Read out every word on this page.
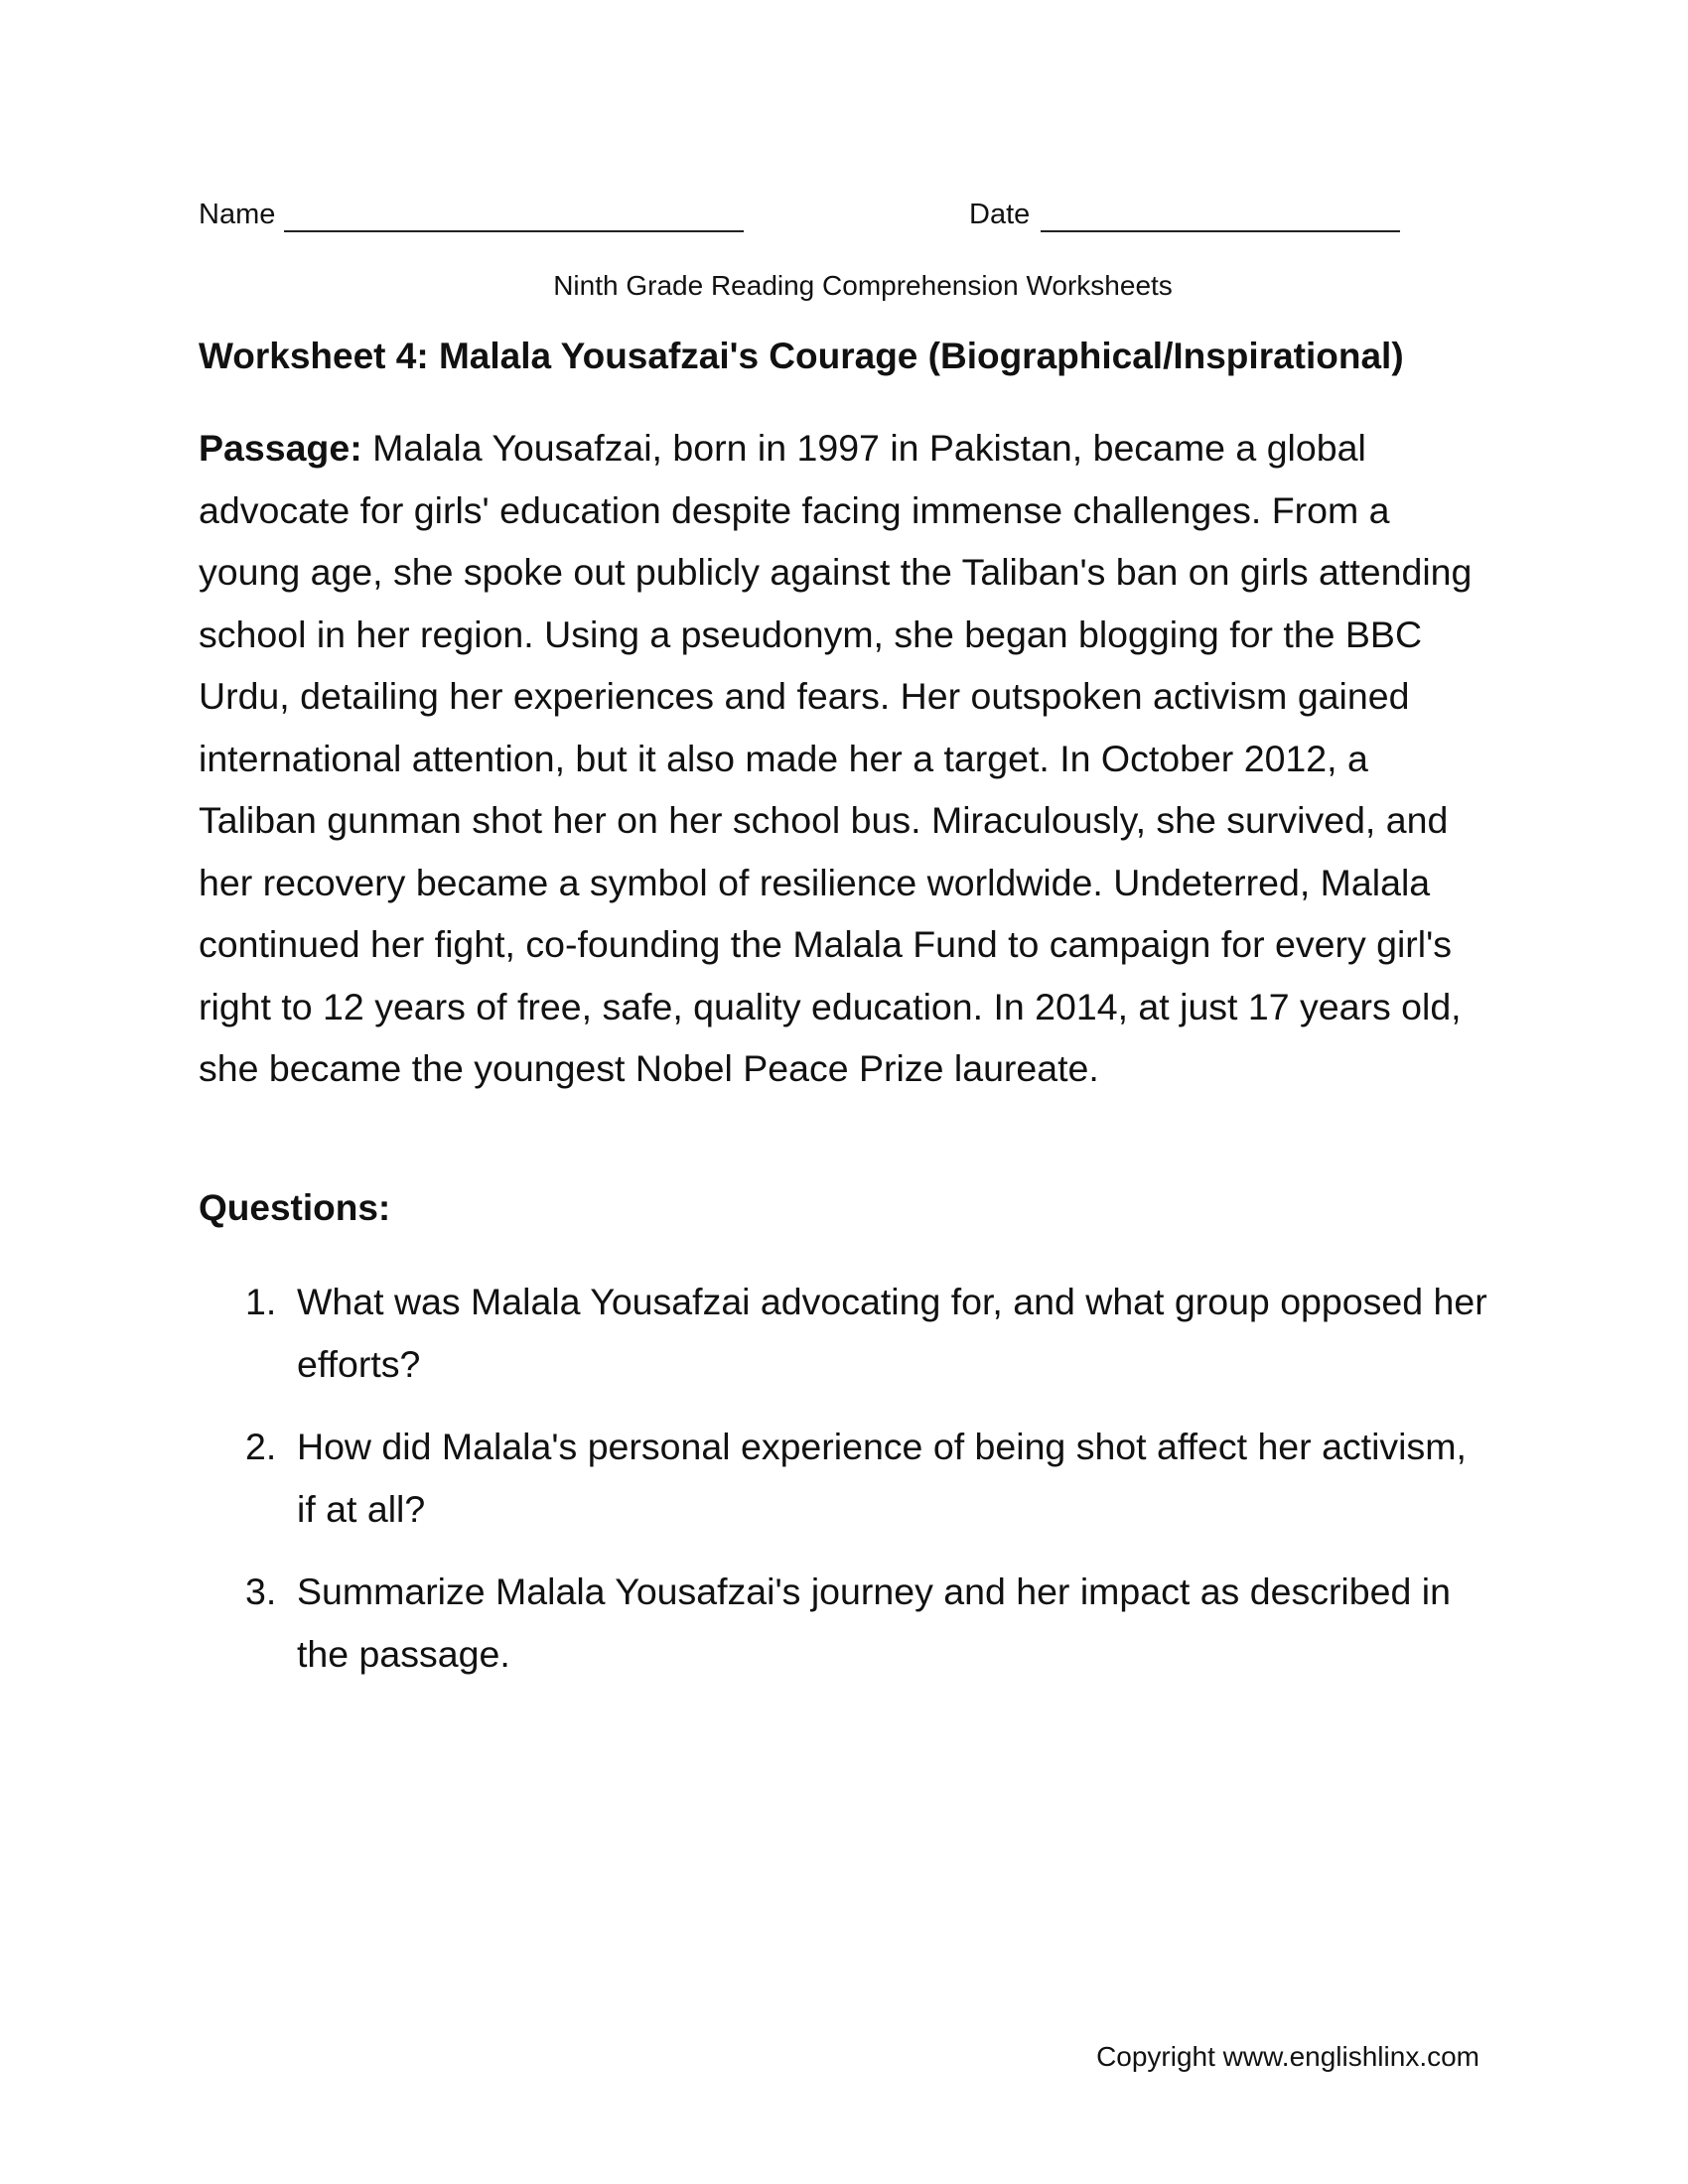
Name	Date
Ninth Grade Reading Comprehension Worksheets
Worksheet 4: Malala Yousafzai's Courage (Biographical/Inspirational)

Passage: Malala Yousafzai, born in 1997 in Pakistan, became a global advocate for girls' education despite facing immense challenges. From a young age, she spoke out publicly against the Taliban's ban on girls attending school in her region. Using a pseudonym, she began blogging for the BBC Urdu, detailing her experiences and fears. Her outspoken activism gained international attention, but it also made her a target. In October 2012, a Taliban gunman shot her on her school bus. Miraculously, she survived, and her recovery became a symbol of resilience worldwide. Undeterred, Malala continued her fight, co-founding the Malala Fund to campaign for every girl's right to 12 years of free, safe, quality education. In 2014, at just 17 years old, she became the youngest Nobel Peace Prize laureate.

Questions:
1. What was Malala Yousafzai advocating for, and what group opposed her efforts?
2. How did Malala's personal experience of being shot affect her activism, if at all?
3. Summarize Malala Yousafzai's journey and her impact as described in the passage.
Copyright www.englishlinx.com
